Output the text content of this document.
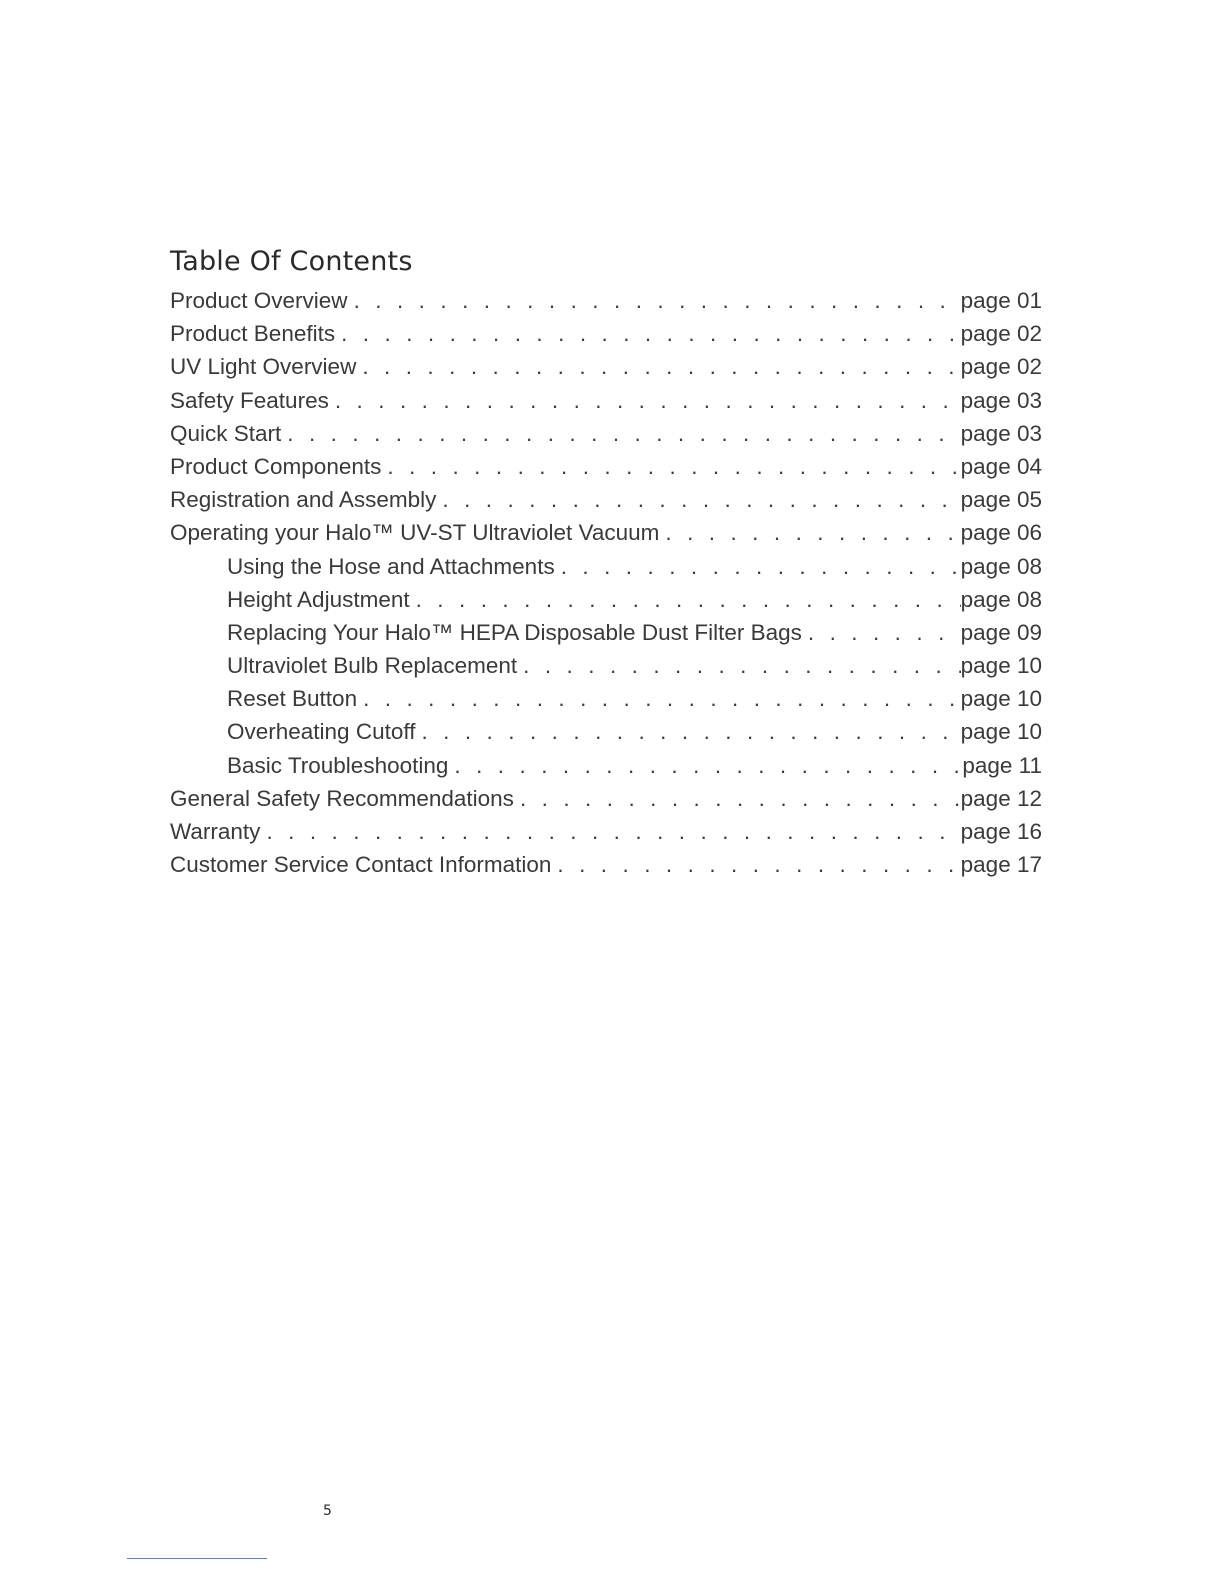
Table Of Contents
Product Overview . . .	page 01
Product Benefits . . .	page 02
UV Light Overview . . .	page 02
Safety Features . . .	page 03
Quick Start . . .	page 03
Product Components . . .	page 04
Registration and Assembly . . .	page 05
Operating your Halo™ UV-ST Ultraviolet Vacuum . . .	page 06
Using the Hose and Attachments . . .	page 08
Height Adjustment . . .	page 08
Replacing Your Halo™ HEPA Disposable Dust Filter Bags . . .	page 09
Ultraviolet Bulb Replacement . . .	page 10
Reset Button . . .	page 10
Overheating Cutoff . . .	page 10
Basic Troubleshooting . . .	page 11
General Safety Recommendations . . .	page 12
Warranty . . .	page 16
Customer Service Contact Information . . .	page 17
5
